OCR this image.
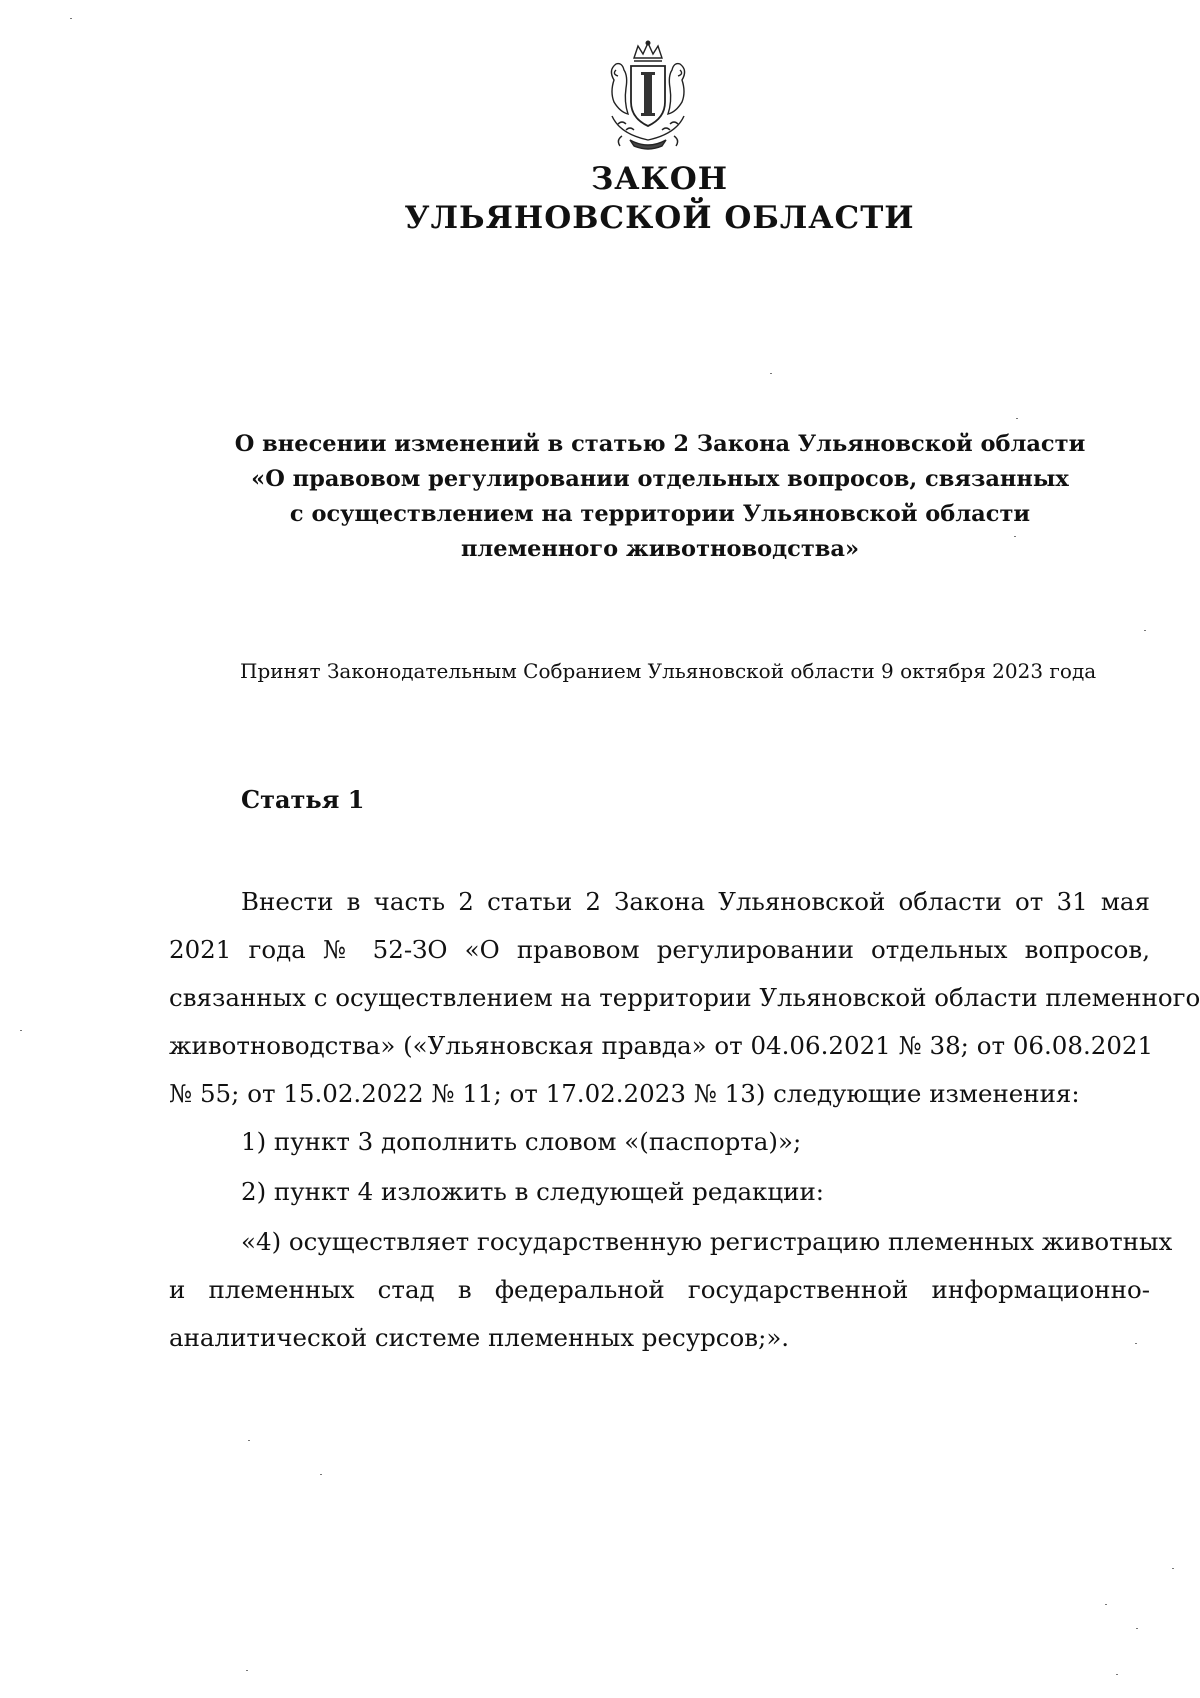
ЗАКОН
УЛЬЯНОВСКОЙ ОБЛАСТИ
О внесении изменений в статью 2 Закона Ульяновской области
«О правовом регулировании отдельных вопросов, связанных
с осуществлением на территории Ульяновской области
племенного животноводства»
Принят Законодательным Собранием Ульяновской области 9 октября 2023 года
Статья 1
Внести в часть 2 статьи 2 Закона Ульяновской области от 31 мая
2021 года № 52-ЗО «О правовом регулировании отдельных вопросов,
связанных с осуществлением на территории Ульяновской области племенного
животноводства» («Ульяновская правда» от 04.06.2021 № 38; от 06.08.2021
№ 55; от 15.02.2022 № 11; от 17.02.2023 № 13) следующие изменения:
1) пункт 3 дополнить словом «(паспорта)»;
2) пункт 4 изложить в следующей редакции:
«4) осуществляет государственную регистрацию племенных животных
и племенных стад в федеральной государственной информационно-
аналитической системе племенных ресурсов;».
